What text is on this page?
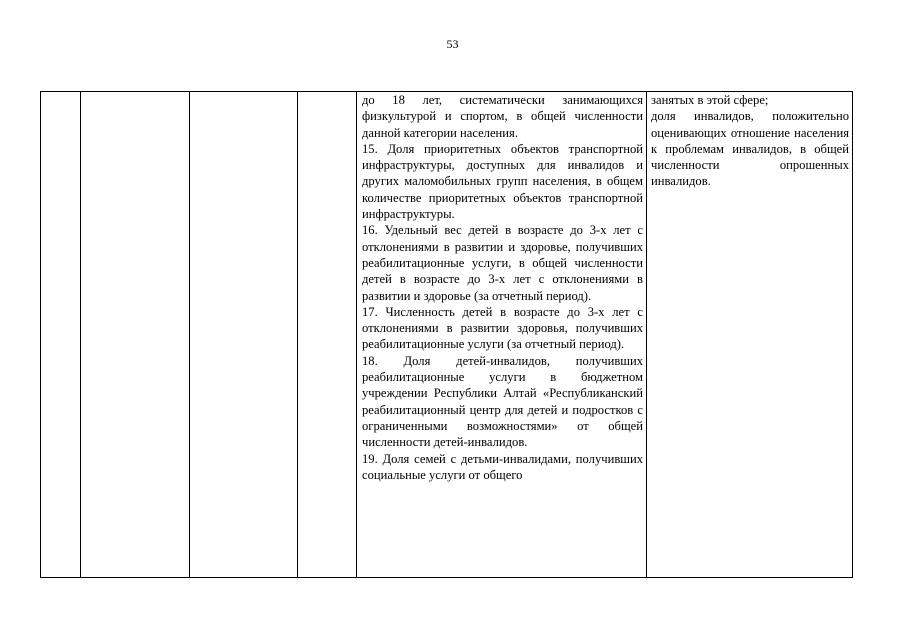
53

до 18 лет, систематически занимающихся физкультурой и спортом, в общей численности данной категории населения.

15. Доля приоритетных объектов транспортной инфраструктуры, доступных для инвалидов и других маломобильных групп населения, в общем количестве приоритетных объектов транспортной инфраструктуры.

16. Удельный вес детей в возрасте до 3-х лет с отклонениями в развитии и здоровье, получивших реабилитационные услуги, в общей численности детей в возрасте до 3-х лет с отклонениями в развитии и здоровье (за отчетный период).

17. Численность детей в возрасте до 3-х лет с отклонениями в развитии здоровья, получивших реабилитационные услуги (за отчетный период).

18. Доля детей-инвалидов, получивших реабилитационные услуги в бюджетном учреждении Республики Алтай «Республиканский реабилитационный центр для детей и подростков с ограниченными возможностями» от общей численности детей-инвалидов.

19. Доля семей с детьми-инвалидами, получивших социальные услуги от общего

занятых в этой сфере;

доля инвалидов, положительно оценивающих отношение населения к проблемам инвалидов, в общей численности опрошенных инвалидов.
